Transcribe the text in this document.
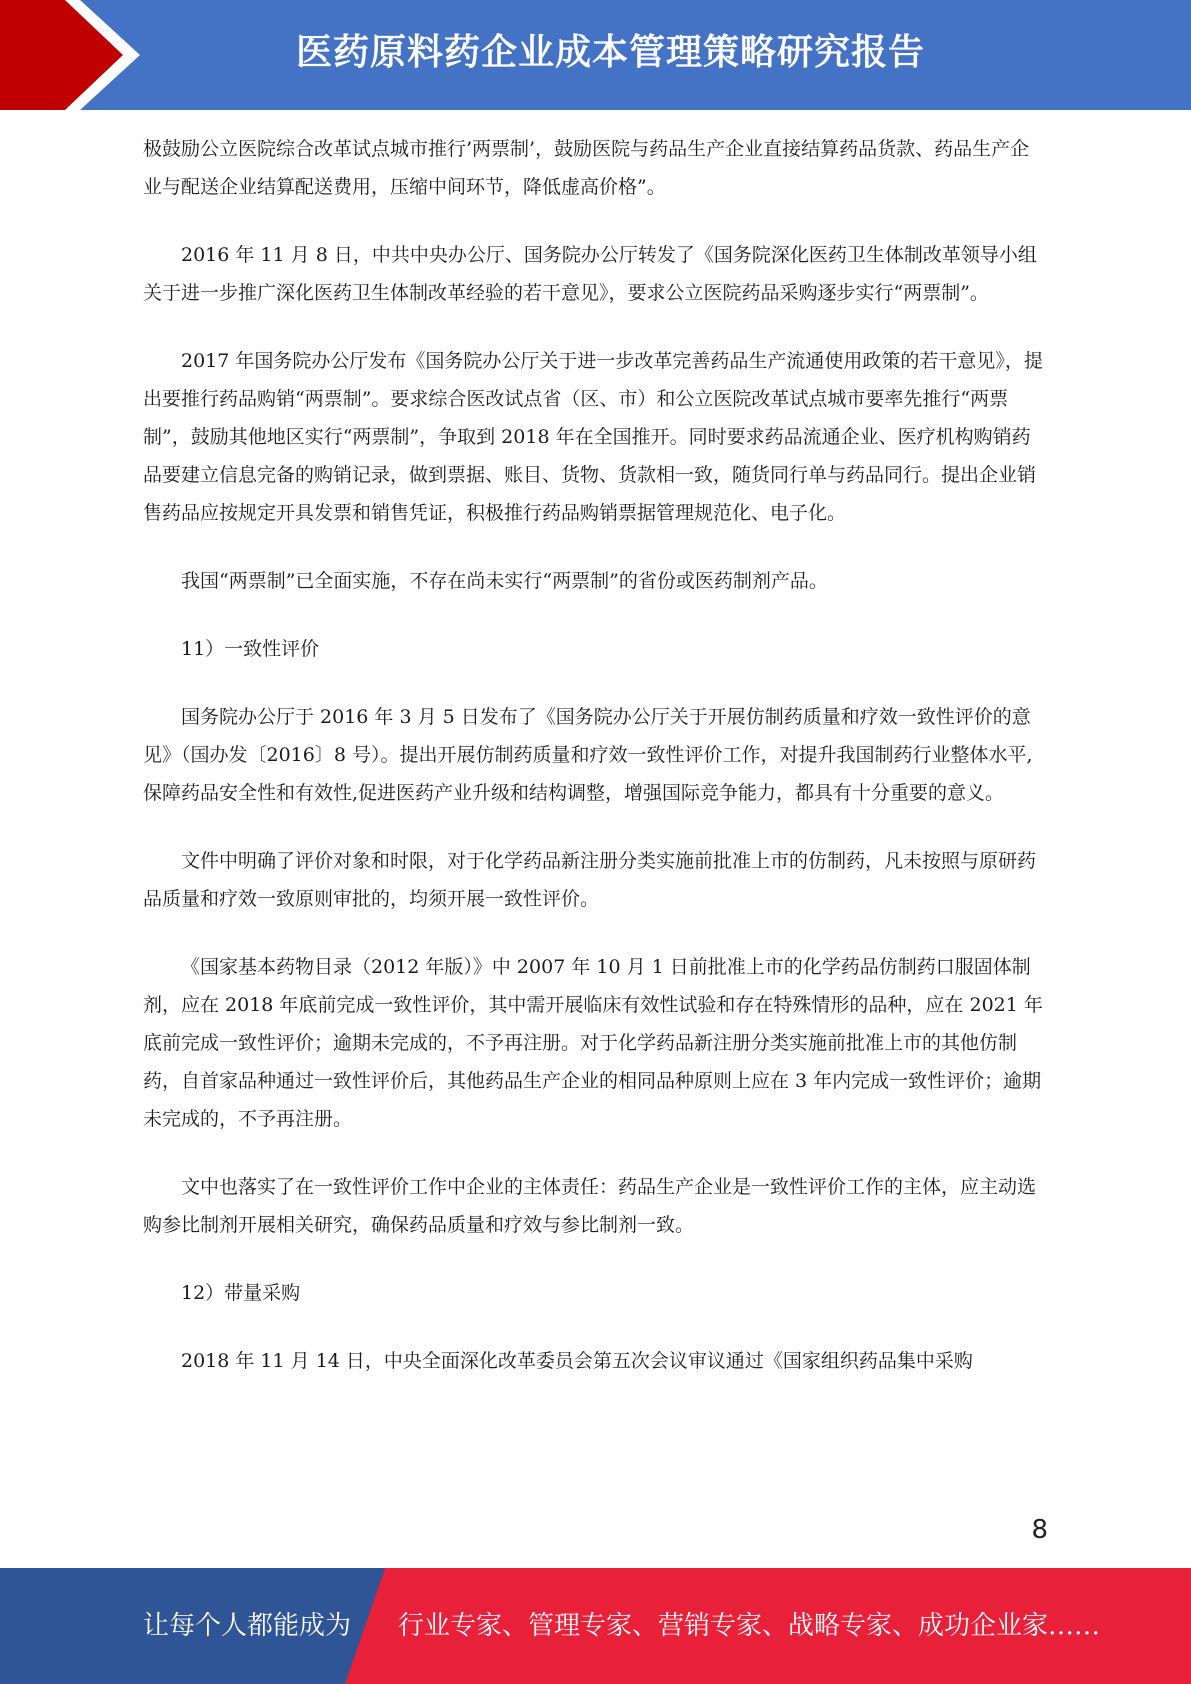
医药原料药企业成本管理策略研究报告

极鼓励公立医院综合改革试点城市推行’两票制’，鼓励医院与药品生产企业直接结算药品货款、药品生产企业与配送企业结算配送费用，压缩中间环节，降低虚高价格”。

2016 年 11 月 8 日，中共中央办公厅、国务院办公厅转发了《国务院深化医药卫生体制改革领导小组关于进一步推广深化医药卫生体制改革经验的若干意见》，要求公立医院药品采购逐步实行“两票制”。

2017 年国务院办公厅发布《国务院办公厅关于进一步改革完善药品生产流通使用政策的若干意见》，提出要推行药品购销“两票制”。要求综合医改试点省（区、市）和公立医院改革试点城市要率先推行“两票制”，鼓励其他地区实行“两票制”，争取到 2018 年在全国推开。同时要求药品流通企业、医疗机构购销药品要建立信息完备的购销记录，做到票据、账目、货物、货款相一致，随货同行单与药品同行。提出企业销售药品应按规定开具发票和销售凭证，积极推行药品购销票据管理规范化、电子化。

我国“两票制”已全面实施，不存在尚未实行“两票制”的省份或医药制剂产品。

11）一致性评价

国务院办公厅于 2016 年 3 月 5 日发布了《国务院办公厅关于开展仿制药质量和疗效一致性评价的意见》（国办发〔2016〕8 号）。提出开展仿制药质量和疗效一致性评价工作，对提升我国制药行业整体水平,保障药品安全性和有效性,促进医药产业升级和结构调整，增强国际竞争能力，都具有十分重要的意义。

文件中明确了评价对象和时限，对于化学药品新注册分类实施前批准上市的仿制药，凡未按照与原研药品质量和疗效一致原则审批的，均须开展一致性评价。

《国家基本药物目录（2012 年版）》中 2007 年 10 月 1 日前批准上市的化学药品仿制药口服固体制剂，应在 2018 年底前完成一致性评价，其中需开展临床有效性试验和存在特殊情形的品种，应在 2021 年底前完成一致性评价；逾期未完成的，不予再注册。对于化学药品新注册分类实施前批准上市的其他仿制药，自首家品种通过一致性评价后，其他药品生产企业的相同品种原则上应在 3 年内完成一致性评价；逾期未完成的，不予再注册。

文中也落实了在一致性评价工作中企业的主体责任：药品生产企业是一致性评价工作的主体，应主动选购参比制剂开展相关研究，确保药品质量和疗效与参比制剂一致。

12）带量采购

2018 年 11 月 14 日，中央全面深化改革委员会第五次会议审议通过《国家组织药品集中采购

8
让每个人都能成为 行业专家、管理专家、营销专家、战略专家、成功企业家……
